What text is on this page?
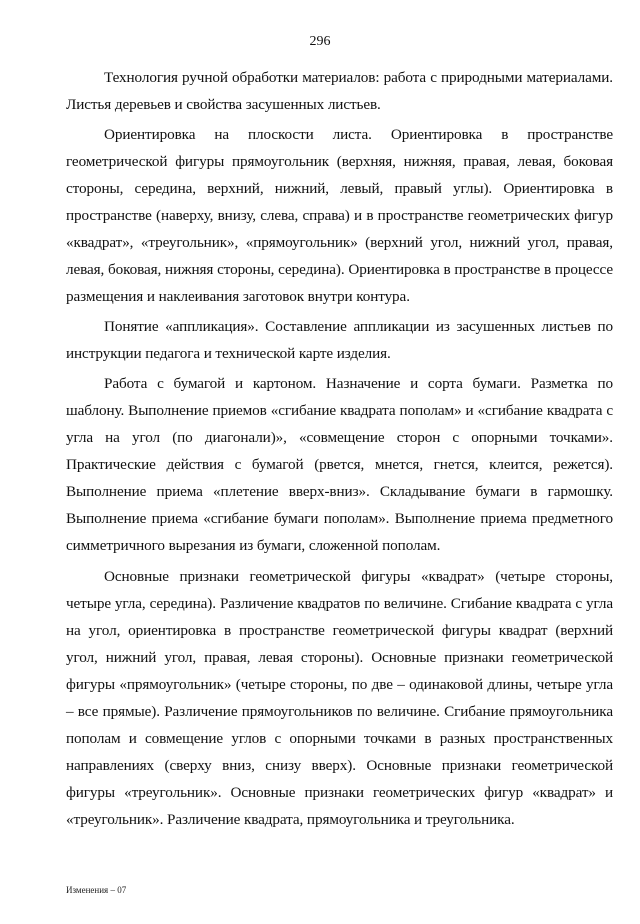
296

Технология ручной обработки материалов: работа с природными материалами. Листья деревьев и свойства засушенных листьев.

Ориентировка на плоскости листа. Ориентировка в пространстве геометрической фигуры прямоугольник (верхняя, нижняя, правая, левая, боковая стороны, середина, верхний, нижний, левый, правый углы). Ориентировка в пространстве (наверху, внизу, слева, справа) и в пространстве геометрических фигур «квадрат», «треугольник», «прямоугольник» (верхний угол, нижний угол, правая, левая, боковая, нижняя стороны, середина). Ориентировка в пространстве в процессе размещения и наклеивания заготовок внутри контура.

Понятие «аппликация». Составление аппликации из засушенных листьев по инструкции педагога и технической карте изделия.

Работа с бумагой и картоном. Назначение и сорта бумаги. Разметка по шаблону. Выполнение приемов «сгибание квадрата пополам» и «сгибание квадрата с угла на угол (по диагонали)», «совмещение сторон с опорными точками». Практические действия с бумагой (рвется, мнется, гнется, клеится, режется). Выполнение приема «плетение вверх-вниз». Складывание бумаги в гармошку. Выполнение приема «сгибание бумаги пополам». Выполнение приема предметного симметричного вырезания из бумаги, сложенной пополам.

Основные признаки геометрической фигуры «квадрат» (четыре стороны, четыре угла, середина). Различение квадратов по величине. Сгибание квадрата с угла на угол, ориентировка в пространстве геометрической фигуры квадрат (верхний угол, нижний угол, правая, левая стороны). Основные признаки геометрической фигуры «прямоугольник» (четыре стороны, по две – одинаковой длины, четыре угла – все прямые). Различение прямоугольников по величине. Сгибание прямоугольника пополам и совмещение углов с опорными точками в разных пространственных направлениях (сверху вниз, снизу вверх). Основные признаки геометрической фигуры «треугольник». Основные признаки геометрических фигур «квадрат» и «треугольник». Различение квадрата, прямоугольника и треугольника.

Изменения – 07
